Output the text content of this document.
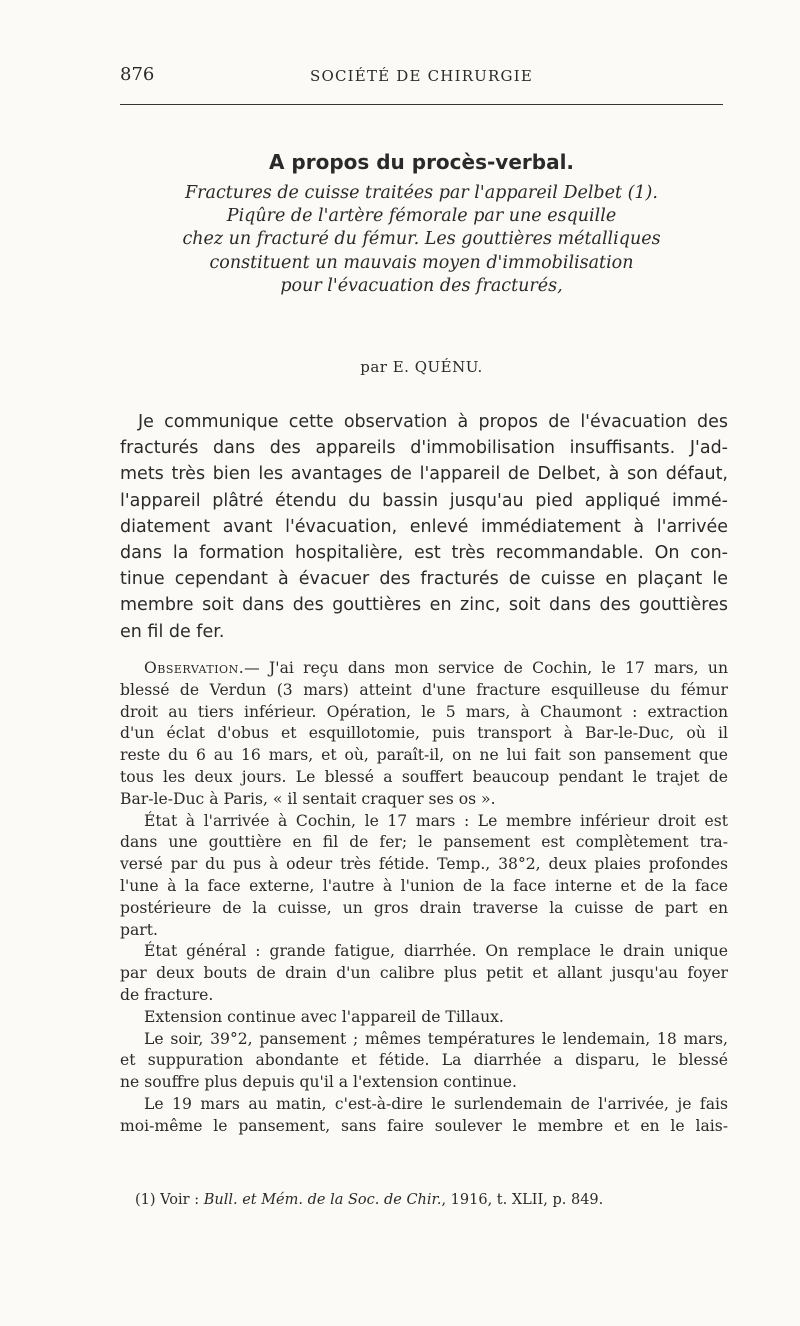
876	SOCIÉTÉ DE CHIRURGIE
A propos du procès-verbal.
Fractures de cuisse traitées par l'appareil Delbet (1).
Piqûre de l'artère fémorale par une esquille
chez un fracturé du fémur. Les gouttières métalliques
constituent un mauvais moyen d'immobilisation
pour l'évacuation des fracturés,
par E. QUÉNU.
Je communique cette observation à propos de l'évacuation des
fracturés dans des appareils d'immobilisation insuffisants. J'ad-
mets très bien les avantages de l'appareil de Delbet, à son défaut,
l'appareil plâtré étendu du bassin jusqu'au pied appliqué immé-
diatement avant l'évacuation, enlevé immédiatement à l'arrivée
dans la formation hospitalière, est très recommandable. On con-
tinue cependant à évacuer des fracturés de cuisse en plaçant le
membre soit dans des gouttières en zinc, soit dans des gouttières
en fil de fer.
Observation.— J'ai reçu dans mon service de Cochin, le 17 mars, un
blessé de Verdun (3 mars) atteint d'une fracture esquilleuse du fémur
droit au tiers inférieur. Opération, le 5 mars, à Chaumont : extraction
d'un éclat d'obus et esquillotomie, puis transport à Bar-le-Duc, où il
reste du 6 au 16 mars, et où, paraît-il, on ne lui fait son pansement que
tous les deux jours. Le blessé a souffert beaucoup pendant le trajet de
Bar-le-Duc à Paris, « il sentait craquer ses os ».
État à l'arrivée à Cochin, le 17 mars : Le membre inférieur droit est
dans une gouttière en fil de fer; le pansement est complètement tra-
versé par du pus à odeur très fétide. Temp., 38°2, deux plaies profondes
l'une à la face externe, l'autre à l'union de la face interne et de la face
postérieure de la cuisse, un gros drain traverse la cuisse de part en
part.
État général : grande fatigue, diarrhée. On remplace le drain unique
par deux bouts de drain d'un calibre plus petit et allant jusqu'au foyer
de fracture.
Extension continue avec l'appareil de Tillaux.
Le soir, 39°2, pansement ; mêmes températures le lendemain, 18 mars,
et suppuration abondante et fétide. La diarrhée a disparu, le blessé
ne souffre plus depuis qu'il a l'extension continue.
Le 19 mars au matin, c'est-à-dire le surlendemain de l'arrivée, je fais
moi-même le pansement, sans faire soulever le membre et en le lais-
(1) Voir : Bull. et Mém. de la Soc. de Chir., 1916, t. XLII, p. 849.
